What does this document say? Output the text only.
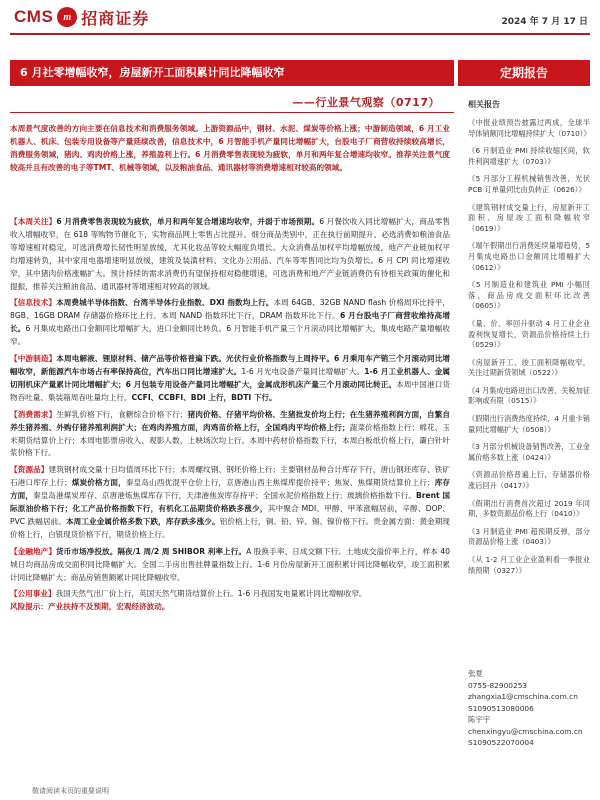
CMS	m 招商证券	2024 年 7 月 17 日
6 月社零增幅收窄，房屋新开工面积累计同比降幅收窄	定期报告
——行业景气观察（0717）
本周景气度改善的方向主要在信息技术和消费服务领域。上游资源品中，钢材、水泥、煤炭等价格上涨；中游制造领域，6 月工业机器人、机床、包装专用设备等产量延续改善，信息技术中，6 月智能手机产量同比增幅扩大，台股电子厂商营收持续较高增长，消费服务领域，猪肉、鸡肉价格上涨，养殖盈利上行。6 月消费零售表现较为疲软，单月和两年复合增速均收窄。推荐关注景气度较高并且有改善的电子等TMT、机械等领域，以及粮油食品、通讯器材等消费增速相对较高的领域。

【本周关注】6 月消费零售表现较为疲软，单月和两年复合增速均收窄，并弱于市场预期。6 月餐饮收入同比增幅扩大，商品零售收入增幅收窄，在 618 等购物节催化下，实物商品网上零售占比提升。细分商品类别中，正在执行前期提升、必选消费如粮油食品等增速相对稳定，可选消费增长韧性明显放缓，尤其化妆品等较大幅度负增长。大众消费品加权平均增幅放缓，地产产业链加权平均增速转负，其中家用电器增速明显放缓，建筑及装潢材料、文化办公用品、汽车等零售同比均为负增长。6 月 CPI 同比增速收窄，其中猪肉价格涨幅扩大。预计持续的需求消费仍有望保持相对稳健增速，可选消费和地产产业链消费仍有待相关政策的催化和提振，推荐关注粮油食品、通讯器材等增速相对较高的领域。

【信息技术】本周费城半导体指数、台湾半导体行业指数、DXI 指数均上行。本周 64GB、32GB NAND flash 价格周环比持平，8GB、16GB DRAM 存储器价格环比上行。本周 NAND 指数环比下行，DRAM 指数环比下行。6 月台股电子厂商营收维持高增长。6 月集成电路出口金额同比增幅扩大，进口金额同比转负。6 月智能手机产量三个月滚动同比增幅扩大，集成电路产量增幅收窄。

【中游制造】本周电解液、锂原材料、储产品等价格普遍下跌。光伏行业价格指数与上周持平。6 月乘用车产销三个月滚动同比增幅收窄，新能源汽车市场占有率保持高位，汽车出口同比增速扩大。1-6 月光电设备产量同比增幅扩大。1-6 月工业机器人、金属切削机床产量累计同比增幅扩大；6 月包装专用设备产量同比增幅扩大，金属成形机床产量三个月滚动同比转正。本周中国港口货物吞吐量、集装箱周吞吐量均上行。CCFI、CCBFI、BDI 上行，BDTI 下行。

【消费需求】生鲜乳价格下行，食糖综合价格下行；猪肉价格、仔猪平均价格、生猪批发价均上行；在生猪养殖利润方面，自繁自养生猪养殖、外购仔猪养殖利润扩大；在鸡肉养殖方面，肉鸡苗价格上行，全国鸡肉平均价格上行；蔬菜价格指数上行；棉花、玉米期货结算价上行；本周电影票房收入、观影人数，上映场次均上行。本周中药材价格指数下行，本周白板纸价格上行，灞白针叶浆价格下行。

【资源品】建筑钢材成交量十日均值周环比下行；本周螺纹钢、钢坯价格上行；主要钢材品种合计库存下行，唐山钢坯库存、铁矿石港口库存上行；煤炭价格方面，秦皇岛山西优混平仓价上行，京唐港山西主焦煤库提价持平；焦炭、焦煤期货结算价上行；库存方面，秦皇岛港煤炭库存、京唐港炼焦煤库存下行，天津港焦炭库存持平；全国水泥价格指数上行；玻璃价格指数下行。Brent 国际原油价格下行；化工产品价格指数下行，有机化工品期货价格跌多涨少，其中聚合 MDI、甲醇、甲苯涨幅居前，辛醇、DOP、PVC 跌幅居前。本周工业金属价格多数下跌，库存跌多涨少。铝价格上行，铜、铅、锌、锡、镍价格下行。贵金属方面：黄金期现价格上行，白银现货价格下行，期货价格上行。

【金融地产】货币市场净投放。隔夜/1 周/2 周 SHIBOR 利率上行。A 股换手率、日成交额下行。土地成交溢价率上行，样本 40 城日均商品房成交面积同比降幅扩大。全国二手房出售挂牌量指数上行。1-6 月份房屋新开工面积累计同比降幅收窄，竣工面积累计同比降幅扩大；商品房销售额累计同比降幅收窄。

【公用事业】我国天然气出厂价上行，英国天然气期货结算价上行。1-6 月我国发电量累计同比增幅收窄。

风险提示：产业扶持不及预期，宏观经济波动。

相关报告
《中报业绩预告披露过两成，全球半导体销额同比增幅持续扩大（0710）》
《6 月制造业 PMI 持续收缩区间，软件利润增速扩大（0703）》
《5 月部分工程机械销售改善，光伏 PCB 订单量同比由负转正（0626）》
《建筑钢材成交量上行，房屋新开工面积、房屋竣工面积降幅收窄（0619）》
《端午假期出行消费延续量增趋势，5 月集成电路出口金额同比增幅扩大（0612）》
《5 月制造业和建筑业 PMI 小幅回落，商品房成交面积环比改善（0605）》
《量、价、率回升驱动 4 月工业企业盈利恢复增长，资源品价格持续上行（0529）》
《房屋新开工、竣工面积降幅收窄，关注过期新货领域（0522）》
《4 月集成电路进出口改善，关税加征影响或有限（0515）》
《假期出行消费热度持续，4 月重卡销量同比增幅扩大（0508）》
《3 月部分机械设备销售改善，工业金属价格多数上涨（0424）》
《资源品价格普遍上行，存储器价格涨后回升（0417）》
《假期出行消费首次超过 2019 年同期，多数资源品价格上行（0410）》
《3 月制造业 PMI 超预期反弹，部分资源品价格上涨（0403）》
《从 1-2 月工业企业盈利看一季报业绩预期（0327）》
张夏
0755-82900253
zhangxia1@cmschina.com.cn
S1090513080006
陈宇宇
chenxingyu@cmschina.com.cn
S1090522070004
敬请阅读末页的重要说明
